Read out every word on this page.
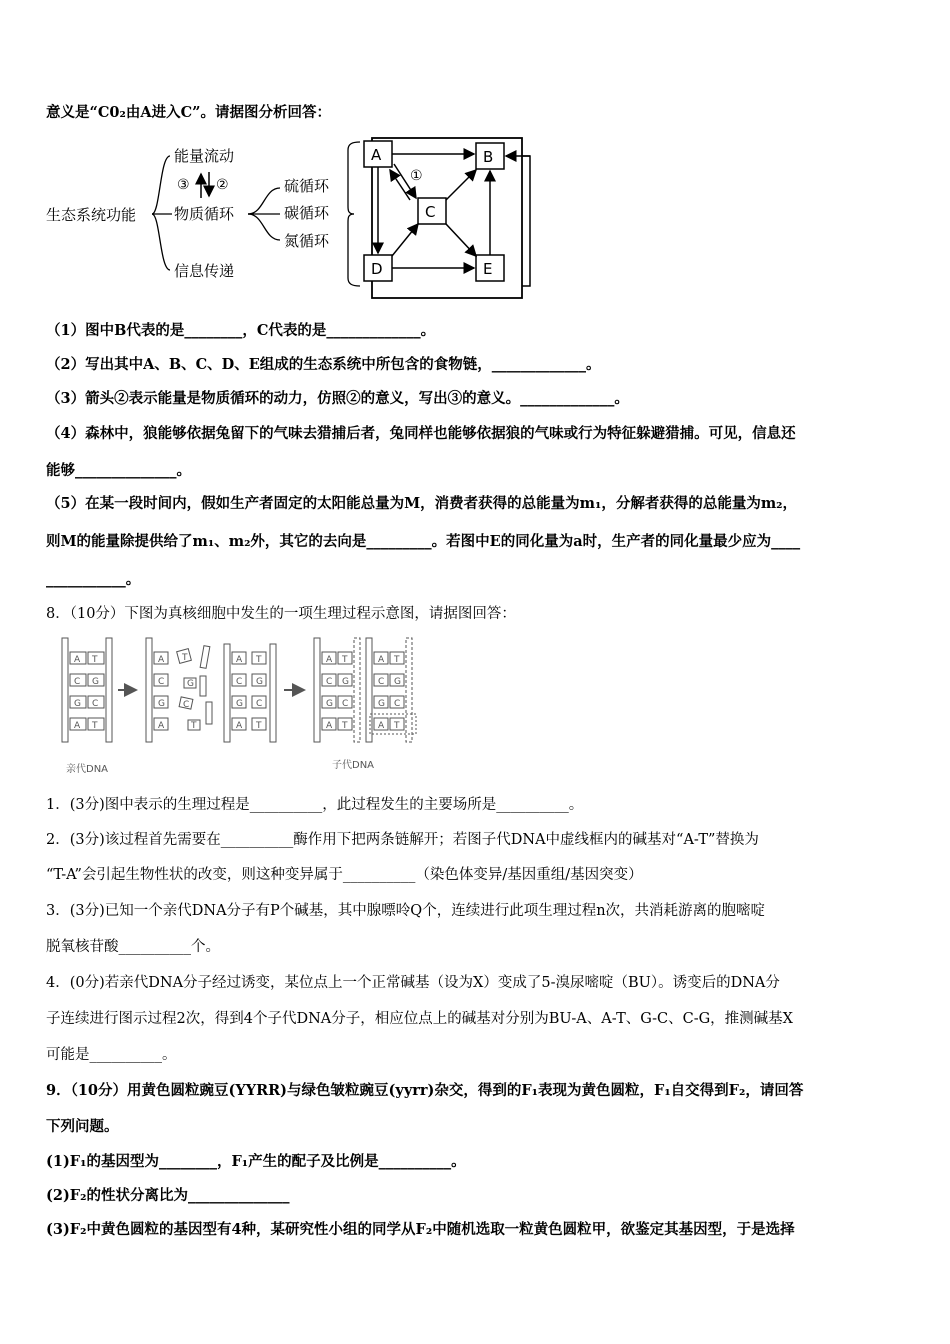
意义是“C0₂由A进入C”。请据图分析回答：
生态系统功能
能量流动
③ ②
物质循环
信息传递
硫循环
碳循环
氮循环
A	B
C
D	E
①
（1）图中B代表的是________，C代表的是_____________。
（2）写出其中A、B、C、D、E组成的生态系统中所包含的食物链，_____________。
（3）箭头②表示能量是物质循环的动力，仿照②的意义，写出③的意义。_____________。
（4）森林中，狼能够依据兔留下的气味去猎捕后者，兔同样也能够依据狼的气味或行为特征躲避猎捕。可见，信息还
能够______________。
（5）在某一段时间内，假如生产者固定的太阳能总量为M，消费者获得的总能量为m₁，分解者获得的总能量为m₂，
则M的能量除提供给了m₁、m₂外，其它的去向是_________。若图中E的同化量为a时，生产者的同化量最少应为____
___________。
8．（10分）下图为真核细胞中发生的一项生理过程示意图，请据图回答：
A T
C G
G C
A T
A
C
G
A
T
G
C
T
A
C
G
A
T
G
C
T
A T
C G
G C
A T
A T
C G
G C
A T
亲代DNA	子代DNA
1．(3分)图中表示的生理过程是__________，此过程发生的主要场所是__________。
2．(3分)该过程首先需要在__________酶作用下把两条链解开；若图子代DNA中虚线框内的碱基对“A-T”替换为
“T-A”会引起生物性状的改变，则这种变异属于__________（染色体变异/基因重组/基因突变）
3．(3分)已知一个亲代DNA分子有P个碱基，其中腺嘌呤Q个，连续进行此项生理过程n次，共消耗游离的胞嘧啶
脱氧核苷酸__________个。
4．(0分)若亲代DNA分子经过诱变，某位点上一个正常碱基（设为X）变成了5-溴尿嘧啶（BU）。诱变后的DNA分
子连续进行图示过程2次，得到4个子代DNA分子，相应位点上的碱基对分别为BU-A、A-T、G-C、C-G，推测碱基X
可能是__________。
9．（10分）用黄色圆粒豌豆(YYRR)与绿色皱粒豌豆(yyrr)杂交，得到的F₁表现为黄色圆粒，F₁自交得到F₂，请回答
下列问题。
(1)F₁的基因型为________，F₁产生的配子及比例是__________。
(2)F₂的性状分离比为______________
(3)F₂中黄色圆粒的基因型有4种，某研究性小组的同学从F₂中随机选取一粒黄色圆粒甲，欲鉴定其基因型，于是选择
